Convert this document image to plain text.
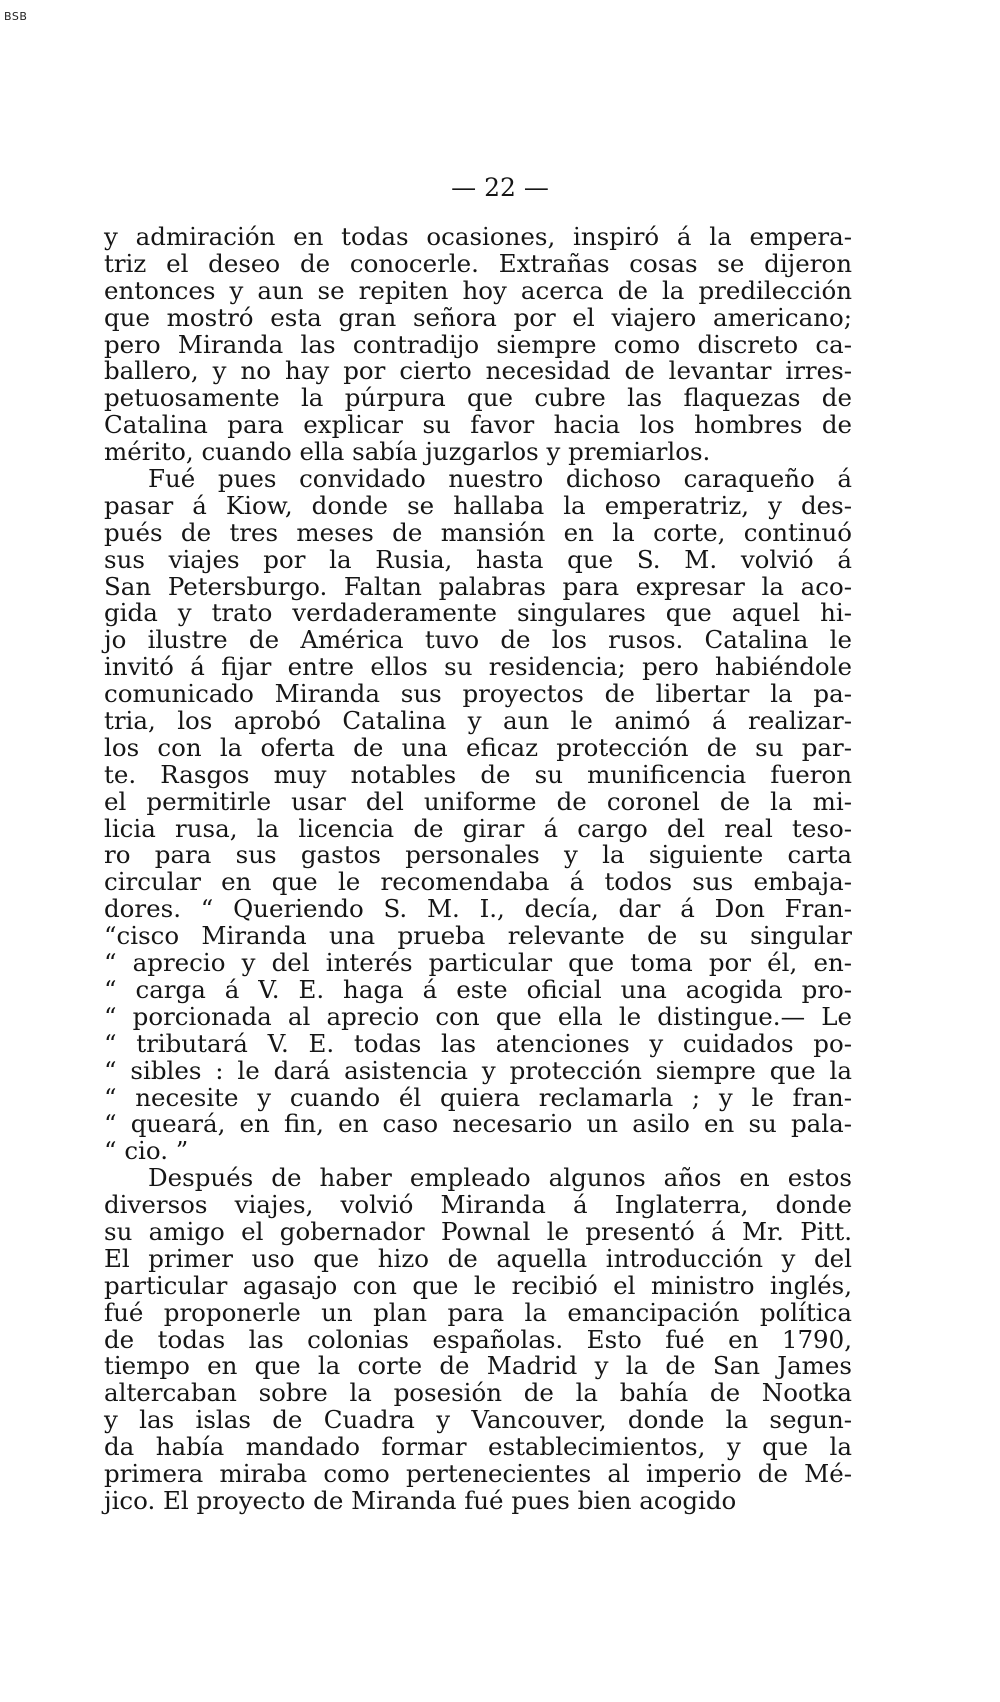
BSB
— 22 —
y admiración en todas ocasiones, inspiró á la empera-
triz el deseo de conocerle. Extrañas cosas se dijeron
entonces y aun se repiten hoy acerca de la predilección
que mostró esta gran señora por el viajero americano;
pero Miranda las contradijo siempre como discreto ca-
ballero, y no hay por cierto necesidad de levantar irres-
petuosamente la púrpura que cubre las flaquezas de
Catalina para explicar su favor hacia los hombres de
mérito, cuando ella sabía juzgarlos y premiarlos.
Fué pues convidado nuestro dichoso caraqueño á
pasar á Kiow, donde se hallaba la emperatriz, y des-
pués de tres meses de mansión en la corte, continuó
sus viajes por la Rusia, hasta que S. M. volvió á
San Petersburgo. Faltan palabras para expresar la aco-
gida y trato verdaderamente singulares que aquel hi-
jo ilustre de América tuvo de los rusos. Catalina le
invitó á fijar entre ellos su residencia; pero habiéndole
comunicado Miranda sus proyectos de libertar la pa-
tria, los aprobó Catalina y aun le animó á realizar-
los con la oferta de una eficaz protección de su par-
te. Rasgos muy notables de su munificencia fueron
el permitirle usar del uniforme de coronel de la mi-
licia rusa, la licencia de girar á cargo del real teso-
ro para sus gastos personales y la siguiente carta
circular en que le recomendaba á todos sus embaja-
dores. “ Queriendo S. M. I., decía, dar á Don Fran-
“cisco Miranda una prueba relevante de su singular
“ aprecio y del interés particular que toma por él, en-
“ carga á V. E. haga á este oficial una acogida pro-
“ porcionada al aprecio con que ella le distingue.— Le
“ tributará V. E. todas las atenciones y cuidados po-
“ sibles : le dará asistencia y protección siempre que la
“ necesite y cuando él quiera reclamarla ; y le fran-
“ queará, en fin, en caso necesario un asilo en su pala-
“ cio. ”
Después de haber empleado algunos años en estos
diversos viajes, volvió Miranda á Inglaterra, donde
su amigo el gobernador Pownal le presentó á Mr. Pitt.
El primer uso que hizo de aquella introducción y del
particular agasajo con que le recibió el ministro inglés,
fué proponerle un plan para la emancipación política
de todas las colonias españolas. Esto fué en 1790,
tiempo en que la corte de Madrid y la de San James
altercaban sobre la posesión de la bahía de Nootka
y las islas de Cuadra y Vancouver, donde la segun-
da había mandado formar establecimientos, y que la
primera miraba como pertenecientes al imperio de Mé-
jico. El proyecto de Miranda fué pues bien acogido
